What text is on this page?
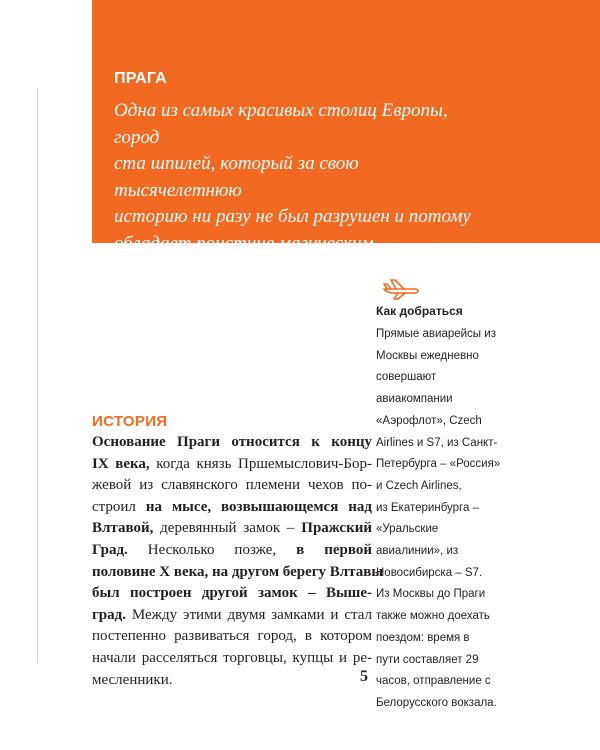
ПРАГА
Одна из самых красивых столиц Европы, город
ста шпилей, который за свою тысячелетнюю
историю ни разу не был разрушен и потому
обладает поистине магическим очарованием
подлинной старины
Как добраться
Прямые авиарейсы из
Москвы ежедневно
совершают
авиакомпании
«Аэрофлот», Czech
Airlines и S7, из Санкт-
Петербурга – «Россия»
и Czech Airlines,
из Екатеринбурга –
«Уральские
авиалинии», из
Новосибирска – S7.
Из Москвы до Праги
также можно доехать
поездом: время в
пути составляет 29
часов, отправление с
Белорусского вокзала.
ИСТОРИЯ
Основание Праги относится к концу
IX века, когда князь Пршемыслович-Бор-
жевой из славянского племени чехов по-
строил на мысе, возвышающемся над
Влтавой, деревянный замок – Пражский
Град. Несколько позже, в первой
половине X века, на другом берегу Влтавы
был построен другой замок – Выше-
град. Между этими двумя замками и стал
постепенно развиваться город, в котором
начали расселяться торговцы, купцы и ре-
месленники.	5
